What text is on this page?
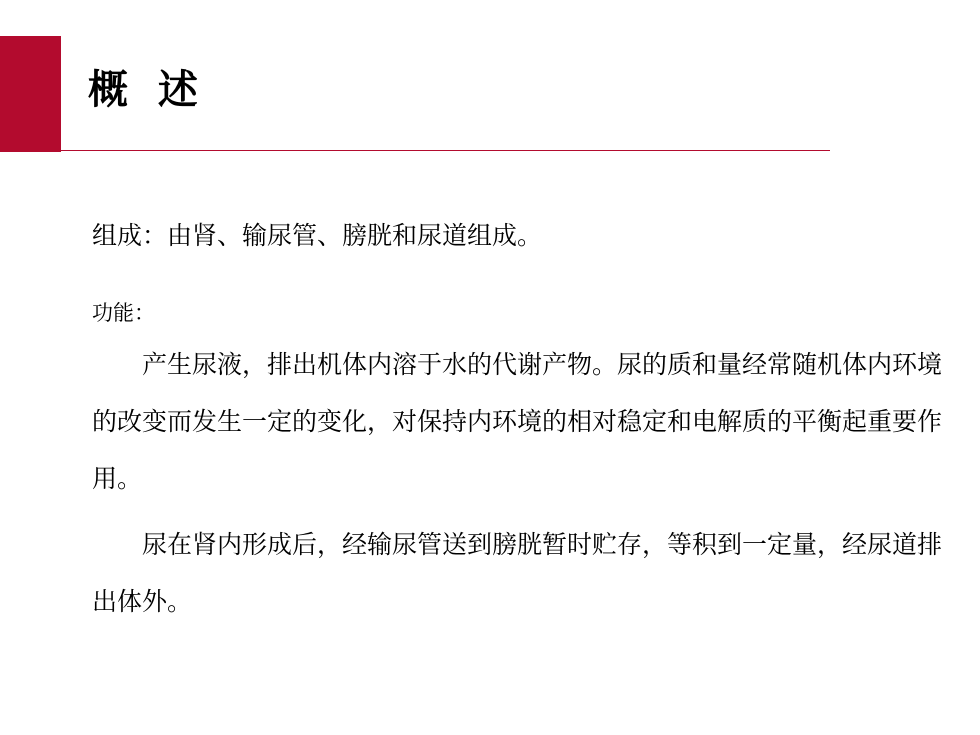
概 述

组成：由肾、输尿管、膀胱和尿道组成。

功能：

产生尿液，排出机体内溶于水的代谢产物。尿的质和量经常随机体内环境的改变而发生一定的变化，对保持内环境的相对稳定和电解质的平衡起重要作用。

尿在肾内形成后，经输尿管送到膀胱暂时贮存，等积到一定量，经尿道排出体外。
